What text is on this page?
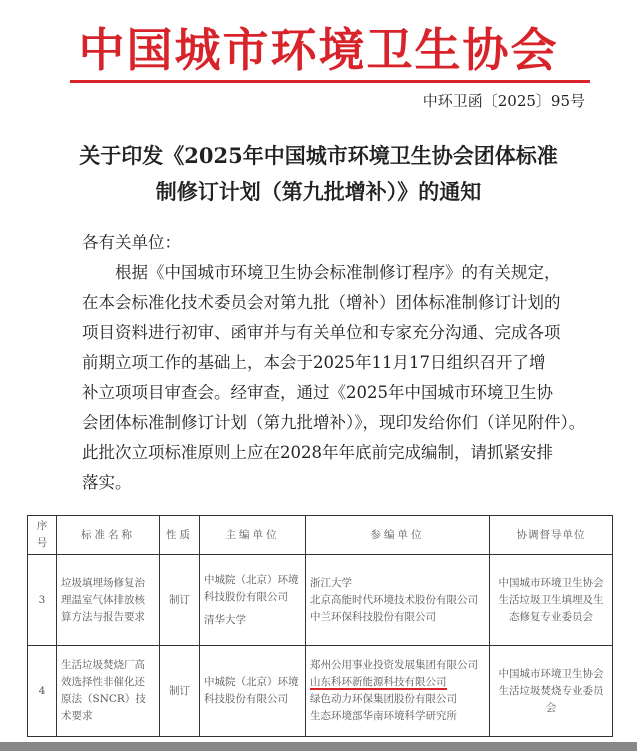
中国城市环境卫生协会
中环卫函〔2025〕95号
关于印发《2025年中国城市环境卫生协会团体标准
制修订计划（第九批增补）》的通知
各有关单位：

　　根据《中国城市环境卫生协会标准制修订程序》的有关规定，

在本会标准化技术委员会对第九批（增补）团体标准制修订计划的

项目资料进行初审、函审并与有关单位和专家充分沟通、完成各项

前期立项工作的基础上，本会于2025年11月17日组织召开了增

补立项项目审查会。经审查，通过《2025年中国城市环境卫生协

会团体标准制修订计划（第九批增补）》，现印发给你们（详见附件）。

此批次立项标准原则上应在2028年年底前完成编制，请抓紧安排

落实。

序号	标准名称	性质	主编单位	参编单位	协调督导单位
3	垃圾填埋场修复治理温室气体排放核算方法与报告要求	制订	中城院（北京）环境科技股份有限公司
清华大学	浙江大学
北京高能时代环境技术股份有限公司
中兰环保科技股份有限公司	中国城市环境卫生协会生活垃圾卫生填埋及生态修复专业委员会
4	生活垃圾焚烧厂高效选择性非催化还原法（SNCR）技术要求	制订	中城院（北京）环境科技股份有限公司	郑州公用事业投资发展集团有限公司
山东科环新能源科技有限公司
绿色动力环保集团股份有限公司
生态环境部华南环境科学研究所	中国城市环境卫生协会生活垃圾焚烧专业委员会
